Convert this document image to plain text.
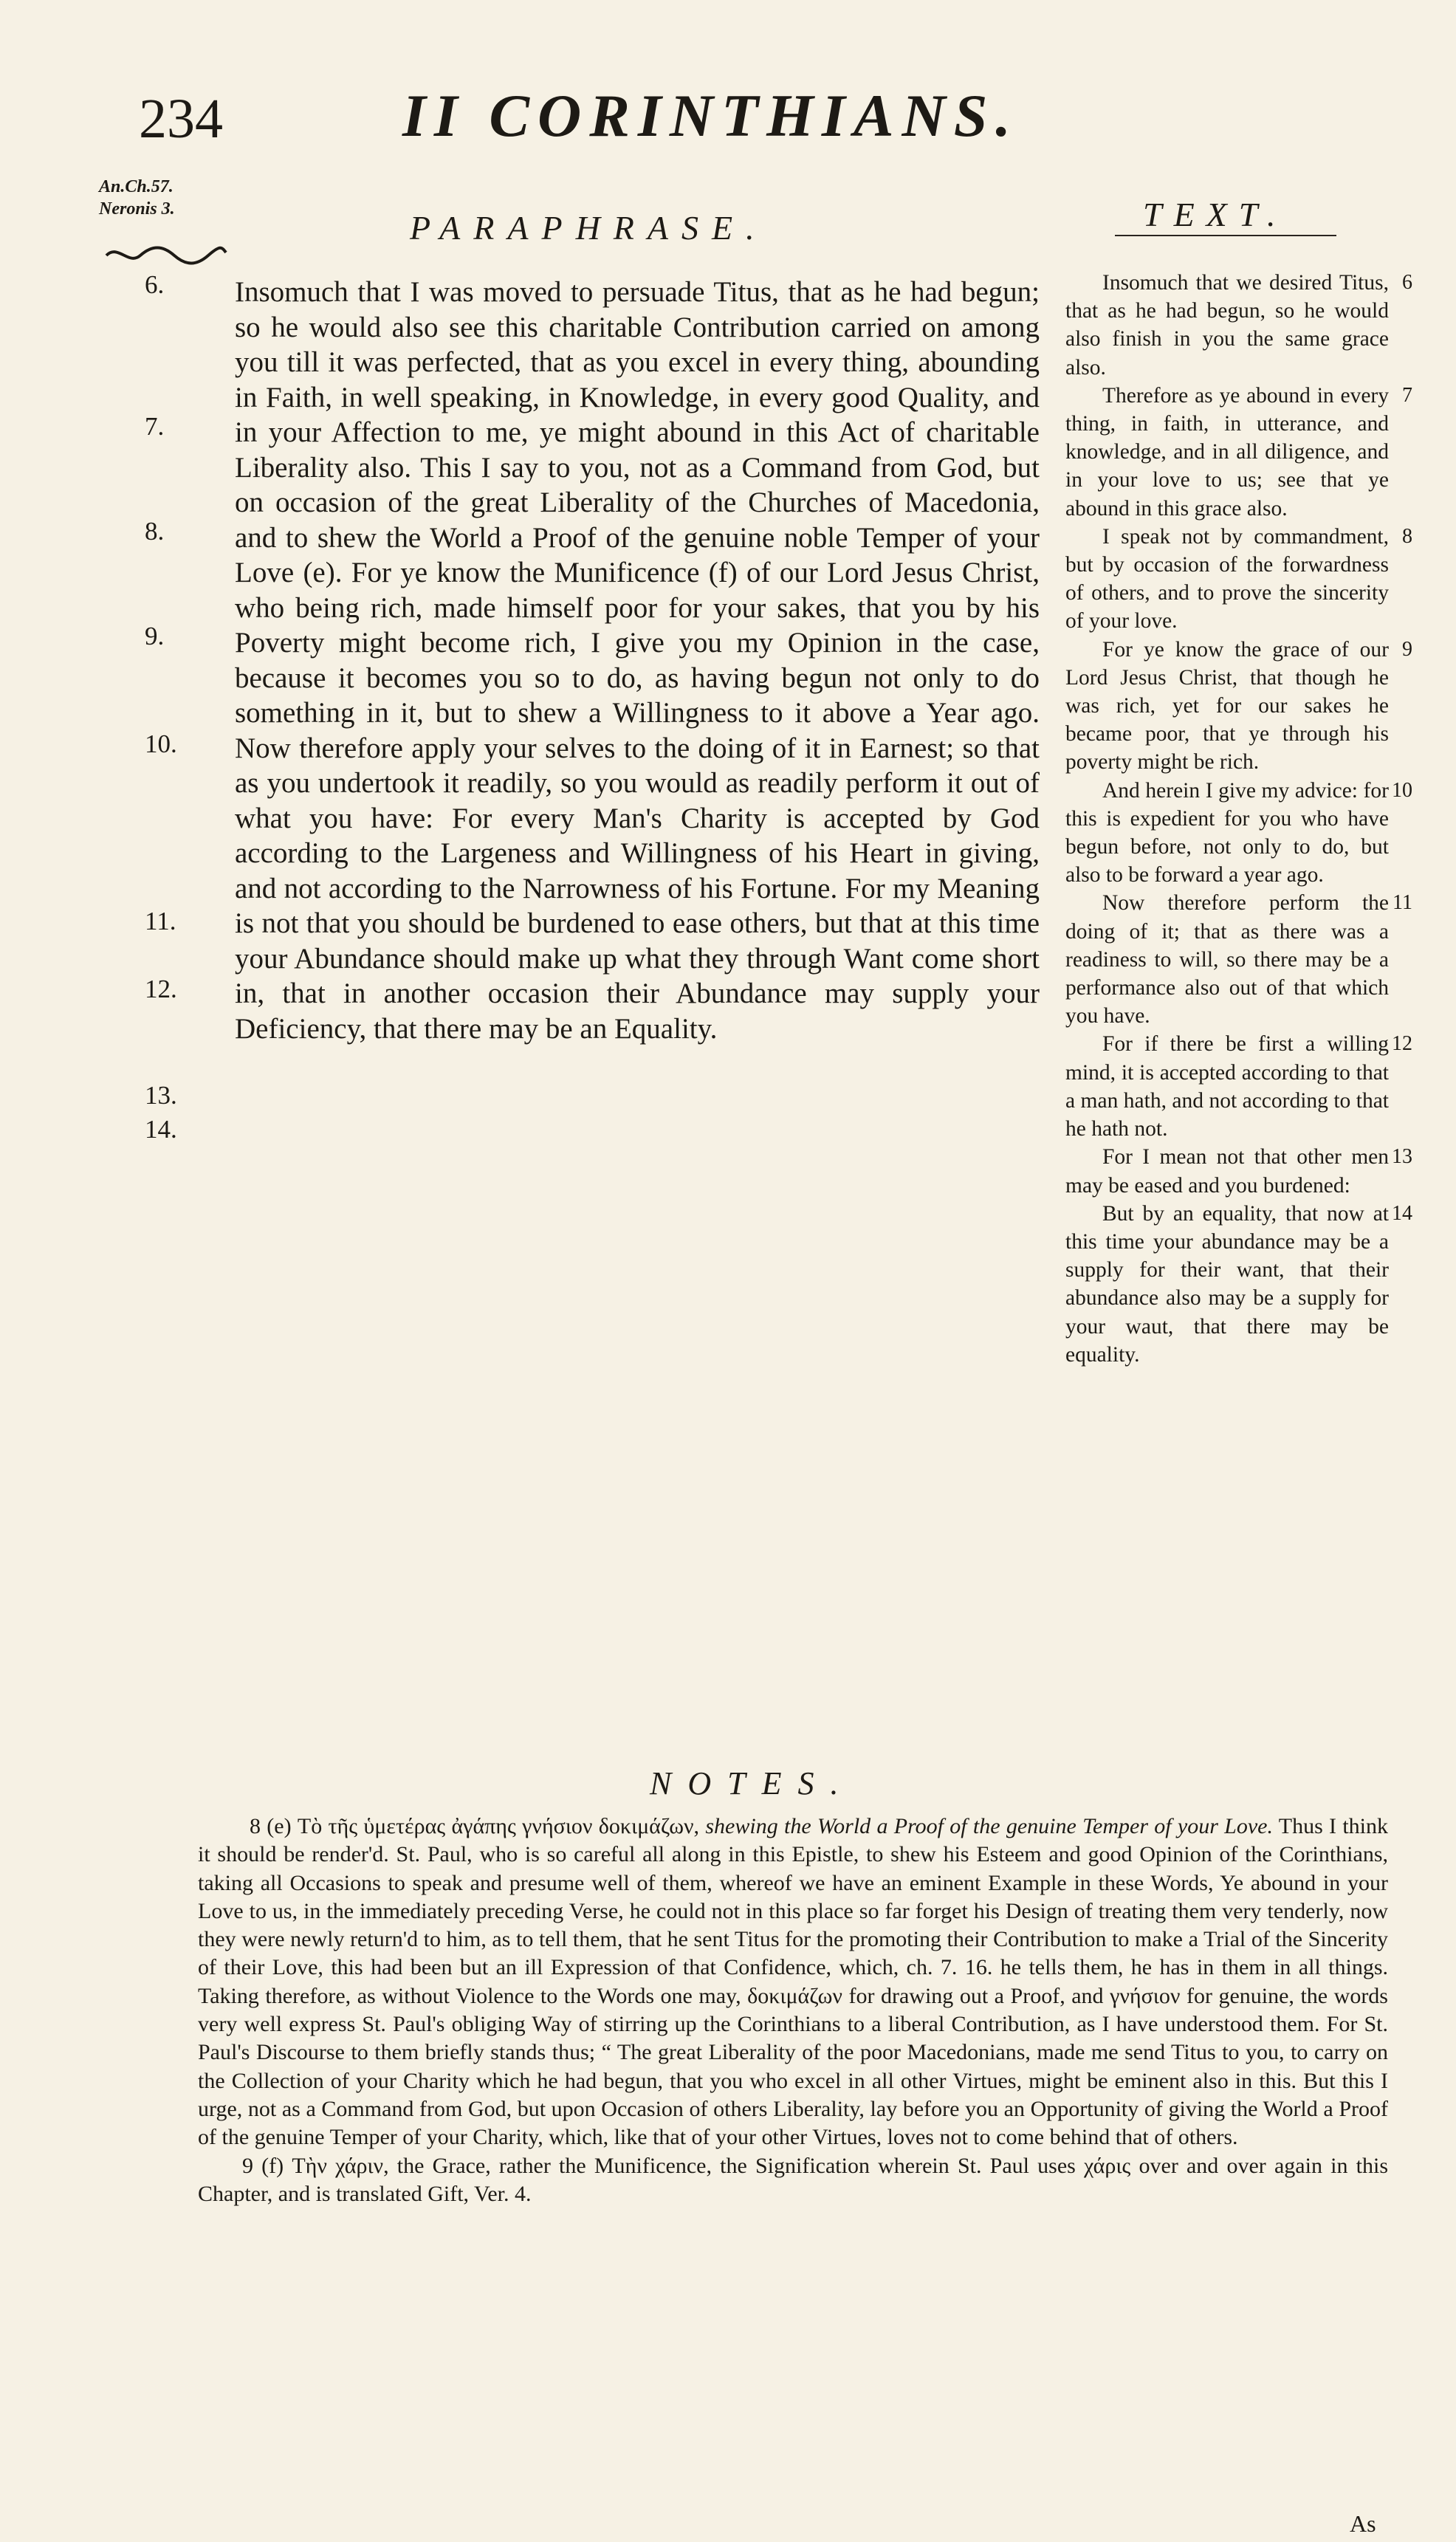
234	II CORINTHIANS.
An.Ch.57.
Neronis 3.	PARAPHRASE.	TEXT.
6.
7.
8.
9.
10.
11.
12.
13.
14.

Insomuch that I was moved to persuade Titus, that as he had begun; so he would also see this charitable Contribution carried on among you till it was perfected, that as you excel in every thing, abounding in Faith, in well speaking, in Knowledge, in every good Quality, and in your Affection to me, ye might abound in this Act of charitable Liberality also. This I say to you, not as a Command from God, but on occasion of the great Liberality of the Churches of Macedonia, and to shew the World a Proof of the genuine noble Temper of your Love (e). For ye know the Munificence (f) of our Lord Jesus Christ, who being rich, made himself poor for your sakes, that you by his Poverty might become rich, I give you my Opinion in the case, because it becomes you so to do, as having begun not only to do something in it, but to shew a Willingness to it above a Year ago. Now therefore apply your selves to the doing of it in Earnest; so that as you undertook it readily, so you would as readily perform it out of what you have: For every Man's Charity is accepted by God according to the Largeness and Willingness of his Heart in giving, and not according to the Narrowness of his Fortune. For my Meaning is not that you should be burdened to ease others, but that at this time your Abundance should make up what they through Want come short in, that in another occasion their Abundance may supply your Deficiency, that there may be an Equality.

Insomuch that we desired Titus, that as he had begun, so he would also finish in you the same grace also.
6

Therefore as ye abound in every thing, in faith, in utterance, and knowledge, and in all diligence, and in your love to us; see that ye abound in this grace also.
7

I speak not by commandment, but by occasion of the forwardness of others, and to prove the sincerity of your love.
8

For ye know the grace of our Lord Jesus Christ, that though he was rich, yet for our sakes he became poor, that ye through his poverty might be rich.
9

And herein I give my advice: for this is expedient for you who have begun before, not only to do, but also to be forward a year ago.
10

Now therefore perform the doing of it; that as there was a readiness to will, so there may be a performance also out of that which you have.
11

For if there be first a willing mind, it is accepted according to that a man hath, and not according to that he hath not.
12

For I mean not that other men may be eased and you burdened:
13

But by an equality, that now at this time your abundance may be a supply for their want, that their abundance also may be a supply for your waut, that there may be equality.
14

NOTES.

8 (e) Τὸ τῆς ὑμετέρας ἀγάπης γνήσιον δοκιμάζων, shewing the World a Proof of the genuine Temper of your Love. Thus I think it should be render'd. St. Paul, who is so careful all along in this Epistle, to shew his Esteem and good Opinion of the Corinthians, taking all Occasions to speak and presume well of them, whereof we have an eminent Example in these Words, Ye abound in your Love to us, in the immediately preceding Verse, he could not in this place so far forget his Design of treating them very tenderly, now they were newly return'd to him, as to tell them, that he sent Titus for the promoting their Contribution to make a Trial of the Sincerity of their Love, this had been but an ill Expression of that Confidence, which, ch. 7. 16. he tells them, he has in them in all things. Taking therefore, as without Violence to the Words one may, δοκιμάζων for drawing out a Proof, and γνήσιον for genuine, the words very well express St. Paul's obliging Way of stirring up the Corinthians to a liberal Contribution, as I have understood them. For St. Paul's Discourse to them briefly stands thus; “ The great Liberality of the poor Macedonians, made me send Titus to you, to carry on the Collection of your Charity which he had begun, that you who excel in all other Virtues, might be eminent also in this. But this I urge, not as a Command from God, but upon Occasion of others Liberality, lay before you an Opportunity of giving the World a Proof of the genuine Temper of your Charity, which, like that of your other Virtues, loves not to come behind that of others.

9 (f) Τὴν χάριν, the Grace, rather the Munificence, the Signification wherein St. Paul uses χάρις over and over again in this Chapter, and is translated Gift, Ver. 4.

As
